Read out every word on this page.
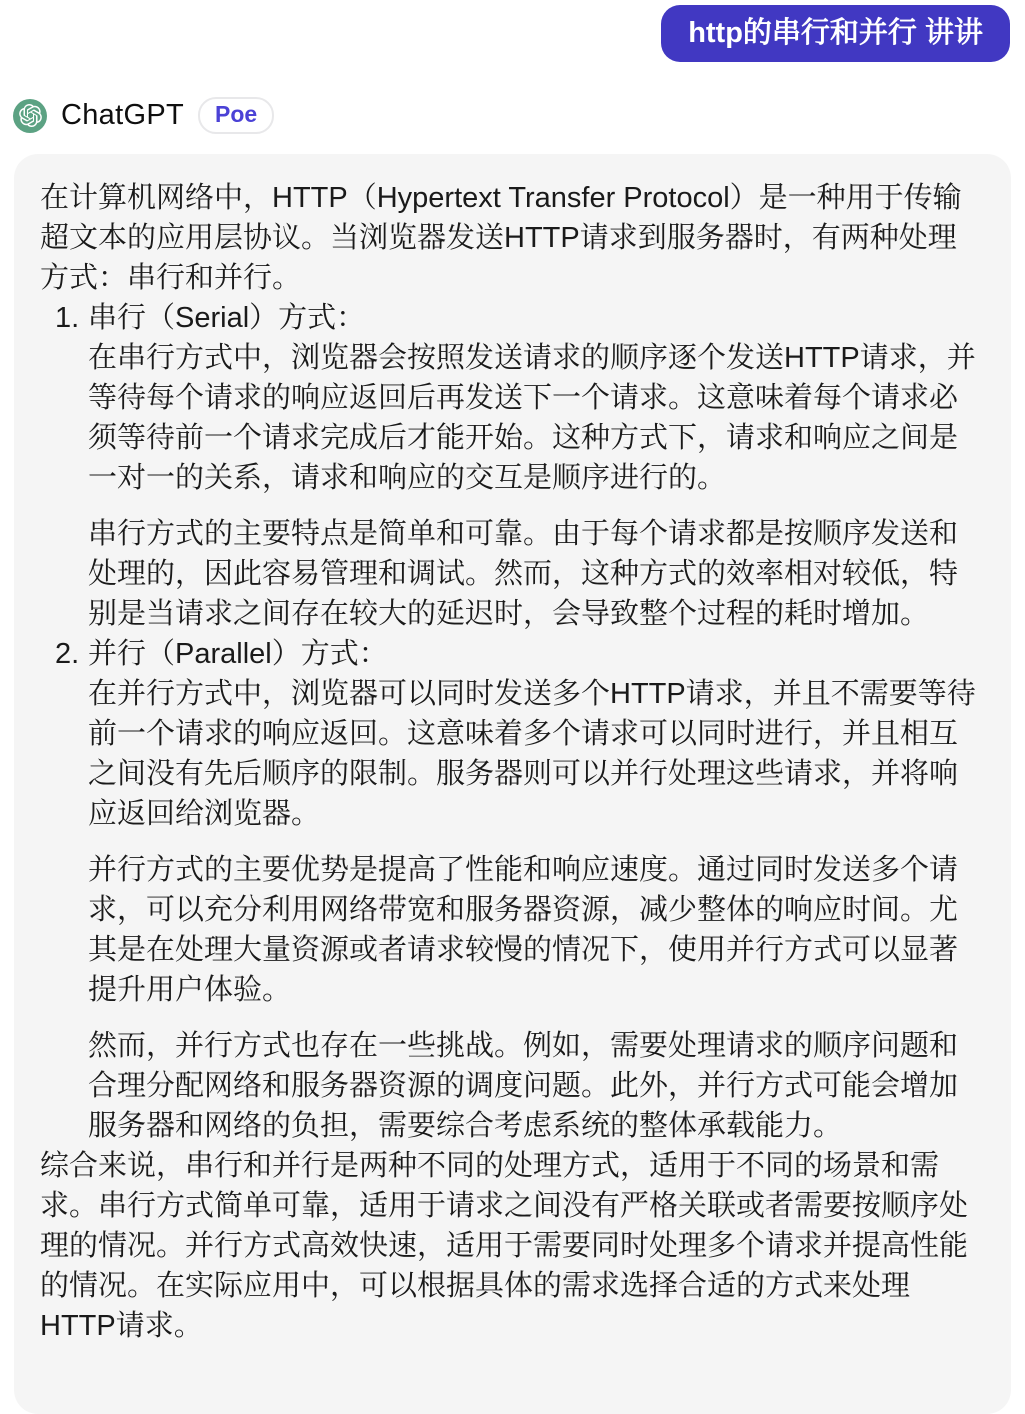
http的串行和并行 讲讲
ChatGPT	Poe

在计算机网络中，HTTP（Hypertext Transfer Protocol）是一种用于传输超文本的应用层协议。当浏览器发送HTTP请求到服务器时，有两种处理方式：串行和并行。

1. 串行（Serial）方式：

在串行方式中，浏览器会按照发送请求的顺序逐个发送HTTP请求，并等待每个请求的响应返回后再发送下一个请求。这意味着每个请求必须等待前一个请求完成后才能开始。这种方式下，请求和响应之间是一对一的关系，请求和响应的交互是顺序进行的。

串行方式的主要特点是简单和可靠。由于每个请求都是按顺序发送和处理的，因此容易管理和调试。然而，这种方式的效率相对较低，特别是当请求之间存在较大的延迟时，会导致整个过程的耗时增加。

2. 并行（Parallel）方式：

在并行方式中，浏览器可以同时发送多个HTTP请求，并且不需要等待前一个请求的响应返回。这意味着多个请求可以同时进行，并且相互之间没有先后顺序的限制。服务器则可以并行处理这些请求，并将响应返回给浏览器。

并行方式的主要优势是提高了性能和响应速度。通过同时发送多个请求，可以充分利用网络带宽和服务器资源，减少整体的响应时间。尤其是在处理大量资源或者请求较慢的情况下，使用并行方式可以显著提升用户体验。

然而，并行方式也存在一些挑战。例如，需要处理请求的顺序问题和合理分配网络和服务器资源的调度问题。此外，并行方式可能会增加服务器和网络的负担，需要综合考虑系统的整体承载能力。

综合来说，串行和并行是两种不同的处理方式，适用于不同的场景和需求。串行方式简单可靠，适用于请求之间没有严格关联或者需要按顺序处理的情况。并行方式高效快速，适用于需要同时处理多个请求并提高性能的情况。在实际应用中，可以根据具体的需求选择合适的方式来处理HTTP请求。
